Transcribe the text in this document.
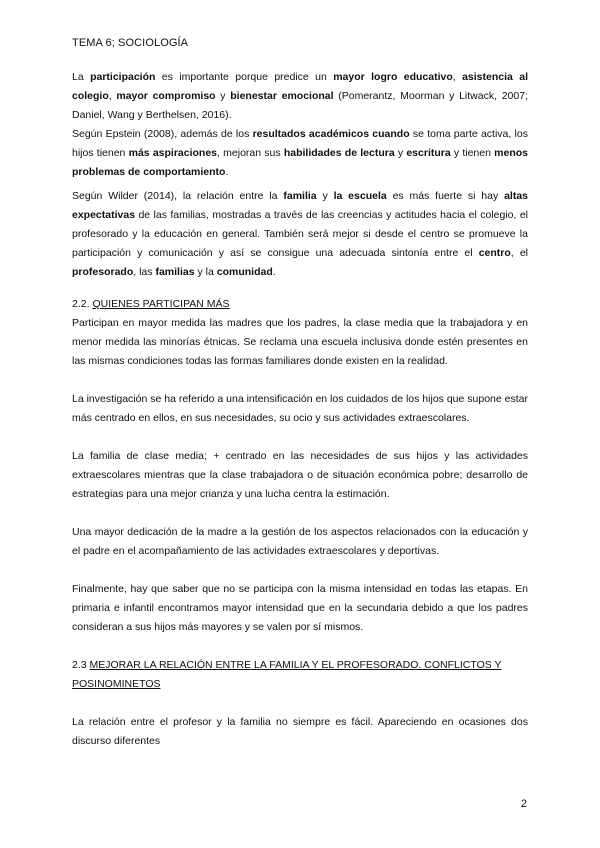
TEMA 6; SOCIOLOGÍA

La participación es importante porque predice un mayor logro educativo, asistencia al colegio, mayor compromiso y bienestar emocional (Pomerantz, Moorman y Litwack, 2007; Daniel, Wang y Berthelsen, 2016).

Según Epstein (2008), además de los resultados académicos cuando se toma parte activa, los hijos tienen más aspiraciones, mejoran sus habilidades de lectura y escritura y tienen menos problemas de comportamiento.

Según Wilder (2014), la relación entre la familia y la escuela es más fuerte si hay altas expectativas de las familias, mostradas a través de las creencias y actitudes hacia el colegio, el profesorado y la educación en general. También será mejor si desde el centro se promueve la participación y comunicación y así se consigue una adecuada sintonía entre el centro, el profesorado, las familias y la comunidad.

2.2. QUIENES PARTICIPAN MÁS

Participan en mayor medida las madres que los padres, la clase media que la trabajadora y en menor medida las minorías étnicas. Se reclama una escuela inclusiva donde estén presentes en las mismas condiciones todas las formas familiares donde existen en la realidad.

La investigación se ha referido a una intensificación en los cuidados de los hijos que supone estar más centrado en ellos, en sus necesidades, su ocio y sus actividades extraescolares.

La familia de clase media; + centrado en las necesidades de sus hijos y las actividades extraescolares mientras que la clase trabajadora o de situación económica pobre; desarrollo de estrategias para una mejor crianza y una lucha centra la estimación.

Una mayor dedicación de la madre a la gestión de los aspectos relacionados con la educación y el padre en el acompañamiento de las actividades extraescolares y deportivas.

Finalmente, hay que saber que no se participa con la misma intensidad en todas las etapas. En primaria e infantil encontramos mayor intensidad que en la secundaria debido a que los padres consideran a sus hijos más mayores y se valen por sí mismos.

2.3 MEJORAR LA RELACIÓN ENTRE LA FAMILIA Y EL PROFESORADO. CONFLICTOS Y POSINOMINETOS

La relación entre el profesor y la familia no siempre es fácil. Apareciendo en ocasiones dos discurso diferentes

2
